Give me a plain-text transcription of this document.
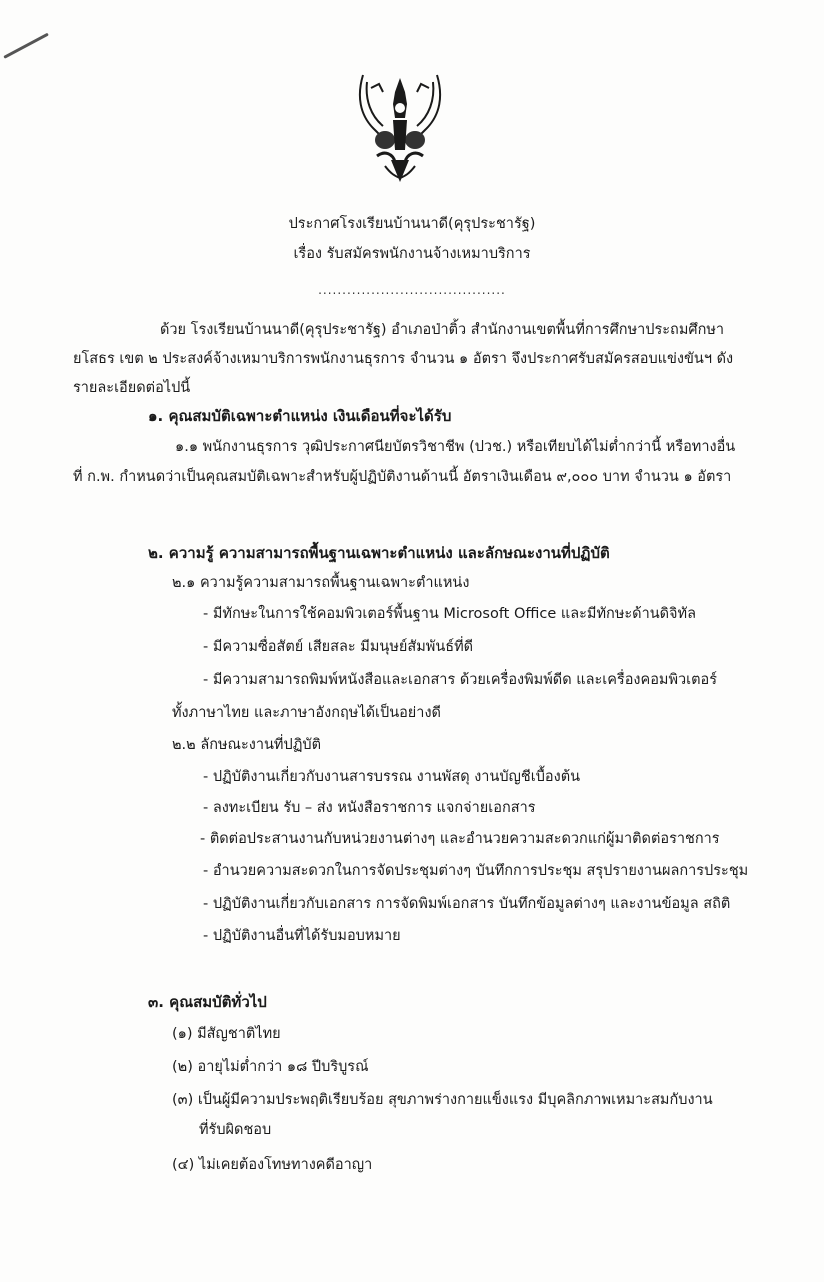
ประกาศโรงเรียนบ้านนาดี(คุรุประชารัฐ)
เรื่อง รับสมัครพนักงานจ้างเหมาบริการ
.......................................
ด้วย โรงเรียนบ้านนาดี(คุรุประชารัฐ) อำเภอป่าติ้ว สำนักงานเขตพื้นที่การศึกษาประถมศึกษา
ยโสธร เขต ๒ ประสงค์จ้างเหมาบริการพนักงานธุรการ จำนวน ๑ อัตรา จึงประกาศรับสมัครสอบแข่งขันฯ ดัง
รายละเอียดต่อไปนี้
๑. คุณสมบัติเฉพาะตำแหน่ง เงินเดือนที่จะได้รับ
๑.๑ พนักงานธุรการ วุฒิประกาศนียบัตรวิชาชีพ (ปวช.) หรือเทียบได้ไม่ต่ำกว่านี้ หรือทางอื่น
ที่ ก.พ. กำหนดว่าเป็นคุณสมบัติเฉพาะสำหรับผู้ปฏิบัติงานด้านนี้ อัตราเงินเดือน ๙,๐๐๐ บาท จำนวน ๑ อัตรา
๒. ความรู้ ความสามารถพื้นฐานเฉพาะตำแหน่ง และลักษณะงานที่ปฏิบัติ
๒.๑ ความรู้ความสามารถพื้นฐานเฉพาะตำแหน่ง
- มีทักษะในการใช้คอมพิวเตอร์พื้นฐาน Microsoft Office และมีทักษะด้านดิจิทัล
- มีความซื่อสัตย์ เสียสละ มีมนุษย์สัมพันธ์ที่ดี
- มีความสามารถพิมพ์หนังสือและเอกสาร ด้วยเครื่องพิมพ์ดีด และเครื่องคอมพิวเตอร์
ทั้งภาษาไทย และภาษาอังกฤษได้เป็นอย่างดี
๒.๒ ลักษณะงานที่ปฏิบัติ
- ปฏิบัติงานเกี่ยวกับงานสารบรรณ งานพัสดุ งานบัญชีเบื้องต้น
- ลงทะเบียน รับ – ส่ง หนังสือราชการ แจกจ่ายเอกสาร
- ติดต่อประสานงานกับหน่วยงานต่างๆ และอำนวยความสะดวกแก่ผู้มาติดต่อราชการ
- อำนวยความสะดวกในการจัดประชุมต่างๆ บันทึกการประชุม สรุปรายงานผลการประชุม
- ปฏิบัติงานเกี่ยวกับเอกสาร การจัดพิมพ์เอกสาร บันทึกข้อมูลต่างๆ และงานข้อมูล สถิติ
- ปฏิบัติงานอื่นที่ได้รับมอบหมาย
๓. คุณสมบัติทั่วไป
(๑) มีสัญชาติไทย
(๒) อายุไม่ต่ำกว่า ๑๘ ปีบริบูรณ์
(๓) เป็นผู้มีความประพฤติเรียบร้อย สุขภาพร่างกายแข็งแรง มีบุคลิกภาพเหมาะสมกับงาน
ที่รับผิดชอบ
(๔) ไม่เคยต้องโทษทางคดีอาญา
